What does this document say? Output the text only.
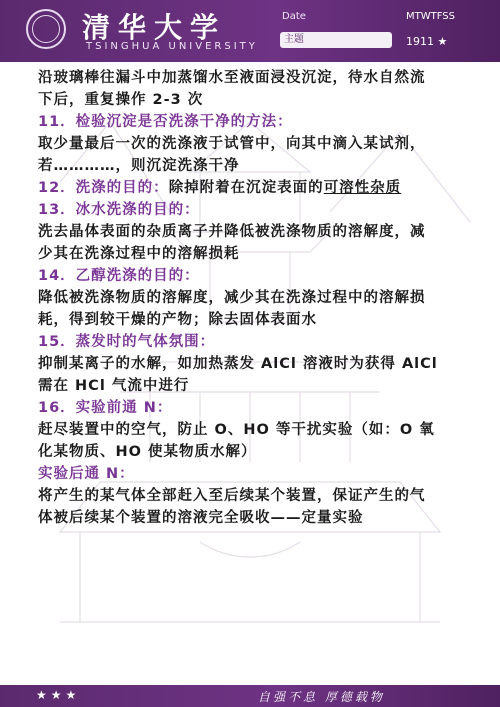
清华大学
TSINGHUA UNIVERSITY
Date	MTWTFSS
主题	1911 ★
沿玻璃棒往漏斗中加蒸馏水至液面浸没沉淀，待水自然流
下后，重复操作 2-3 次
11．检验沉淀是否洗涤干净的方法：
取少量最后一次的洗涤液于试管中，向其中滴入某试剂，
若…………，则沉淀洗涤干净
12．洗涤的目的：除掉附着在沉淀表面的可溶性杂质
13．冰水洗涤的目的：
洗去晶体表面的杂质离子并降低被洗涤物质的溶解度，减
少其在洗涤过程中的溶解损耗
14．乙醇洗涤的目的：
降低被洗涤物质的溶解度，减少其在洗涤过程中的溶解损
耗，得到较干燥的产物；除去固体表面水
15．蒸发时的气体氛围：
抑制某离子的水解，如加热蒸发 AlCl 溶液时为获得 AlCl
需在 HCl 气流中进行
16．实验前通 N：
赶尽装置中的空气，防止 O、HO 等干扰实验（如：O 氧
化某物质、HO 使某物质水解）
实验后通 N：
将产生的某气体全部赶入至后续某个装置，保证产生的气
体被后续某个装置的溶液完全吸收——定量实验
★★★	自强不息 厚德载物
